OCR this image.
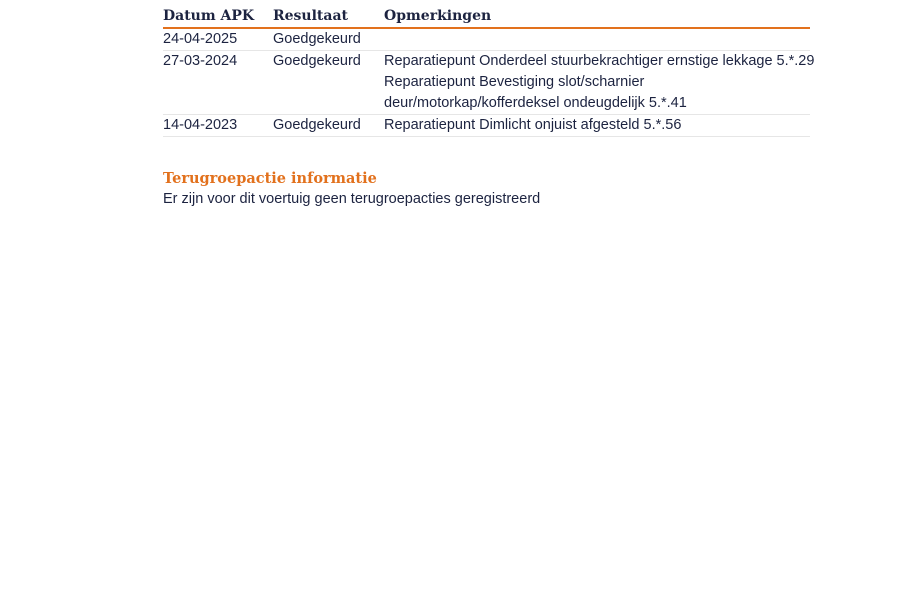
Datum APK	Resultaat	Opmerkingen

24-04-2025	Goedgekeurd	

27-03-2024	Goedgekeurd	Reparatiepunt Onderdeel stuurbekrachtiger ernstige lekkage 5.*.29
Reparatiepunt Bevestiging slot/scharnier
deur/motorkap/kofferdeksel ondeugdelijk 5.*.41

14-04-2023	Goedgekeurd	Reparatiepunt Dimlicht onjuist afgesteld 5.*.56
Terugroepactie informatie
Er zijn voor dit voertuig geen terugroepacties geregistreerd
